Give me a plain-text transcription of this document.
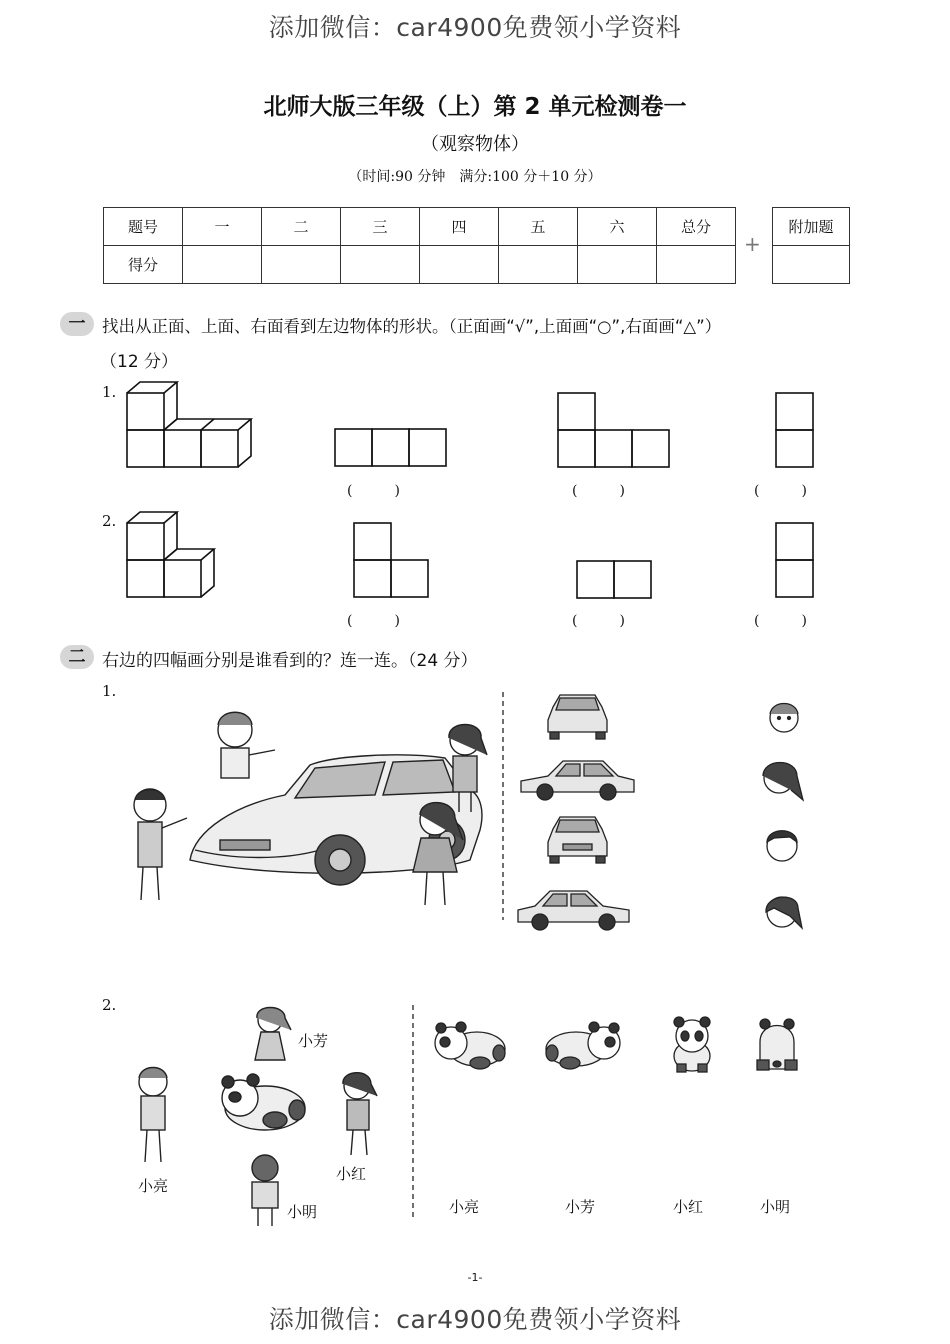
添加微信：car4900免费领小学资料
北师大版三年级（上）第 2 单元检测卷一
（观察物体）
（时间:90 分钟　满分:100 分＋10 分）
题号	一	二	三	四	五	六	总分
得分							
+
附加题

一	找出从正面、上面、右面看到左边物体的形状。（正面画“√”,上面画“○”,右面画“△”）
（12 分）
1.
2.
(　　　)	(　　　)	(　　　)
(　　　)	(　　　)	(　　　)
二 右边的四幅画分别是谁看到的？连一连。（24 分）
1.
2.
小芳
小亮
小红
小明	小亮	小芳	小红	小明
-1-
添加微信：car4900免费领小学资料
